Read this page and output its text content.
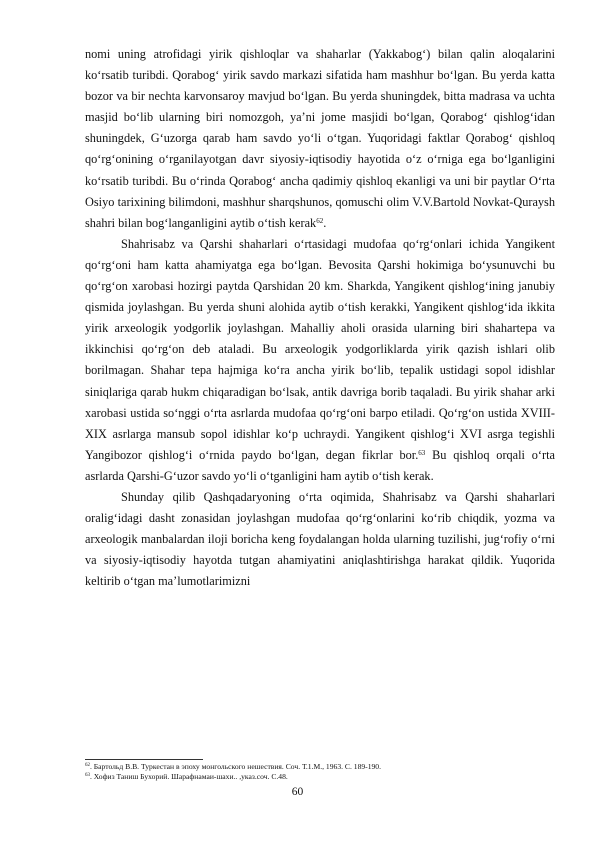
nomi uning atrofidagi yirik qishloqlar va shaharlar (Yakkabog‘) bilan qalin aloqalarini ko‘rsatib turibdi. Qorabog‘ yirik savdo markazi sifatida ham mashhur bo‘lgan. Bu yerda katta bozor va bir nechta karvonsaroy mavjud bo‘lgan. Bu yerda shuningdek, bitta madrasa va uchta masjid bo‘lib ularning biri nomozgoh, ya’ni jome masjidi bo‘lgan, Qorabog‘ qishlog‘idan shuningdek, G‘uzorga qarab ham savdo yo‘li o‘tgan. Yuqoridagi faktlar Qorabog‘ qishloq qo‘rg‘onining o‘rganilayotgan davr siyosiy-iqtisodiy hayotida o‘z o‘rniga ega bo‘lganligini ko‘rsatib turibdi. Bu o‘rinda Qorabog‘ ancha qadimiy qishloq ekanligi va uni bir paytlar O‘rta Osiyo tarixining bilimdoni, mashhur sharqshunos, qomuschi olim V.V.Bartold Novkat-Quraysh shahri bilan bog‘langanligini aytib o‘tish kerak$^{62}$.

Shahrisabz va Qarshi shaharlari o‘rtasidagi mudofaa qo‘rg‘onlari ichida Yangikent qo‘rg‘oni ham katta ahamiyatga ega bo‘lgan. Bevosita Qarshi hokimiga bo‘ysunuvchi bu qo‘rg‘on xarobasi hozirgi paytda Qarshidan 20 km. Sharkda, Yangikent qishlog‘ining janubiy qismida joylashgan. Bu yerda shuni alohida aytib o‘tish kerakki, Yangikent qishlog‘ida ikkita yirik arxeologik yodgorlik joylashgan. Mahalliy aholi orasida ularning biri shahartepa va ikkinchisi qo‘rg‘on deb ataladi. Bu arxeologik yodgorliklarda yirik qazish ishlari olib borilmagan. Shahar tepa hajmiga ko‘ra ancha yirik bo‘lib, tepalik ustidagi sopol idishlar siniqlariga qarab hukm chiqaradigan bo‘lsak, antik davriga borib taqaladi. Bu yirik shahar arki xarobasi ustida so‘nggi o‘rta asrlarda mudofaa qo‘rg‘oni barpo etiladi. Qo‘rg‘on ustida XVIII-XIX asrlarga mansub sopol idishlar ko‘p uchraydi. Yangikent qishlog‘i XVI asrga tegishli Yangibozor qishlog‘i o‘rnida paydo bo‘lgan, degan fikrlar bor.$^{63}$ Bu qishloq orqali o‘rta asrlarda Qarshi-G‘uzor savdo yo‘li o‘tganligini ham aytib o‘tish kerak.

Shunday qilib Qashqadaryoning o‘rta oqimida, Shahrisabz va Qarshi shaharlari oralig‘idagi dasht zonasidan joylashgan mudofaa qo‘rg‘onlarini ko‘rib chiqdik, yozma va arxeologik manbalardan iloji boricha keng foydalangan holda ularning tuzilishi, jug‘rofiy o‘rni va siyosiy-iqtisodiy hayotda tutgan ahamiyatini aniqlashtirishga harakat qildik. Yuqorida keltirib o‘tgan ma’lumotlarimizni

$^{62}$. Бартольд В.В. Туркестан в эпоху монгольского нешествия. Соч. Т.1.М., 1963. С. 189-190.
$^{63}$. Хофиз Таниш Бухорий. Шарафнамаи-шахи.. ,указ.соч. С.48.
60
